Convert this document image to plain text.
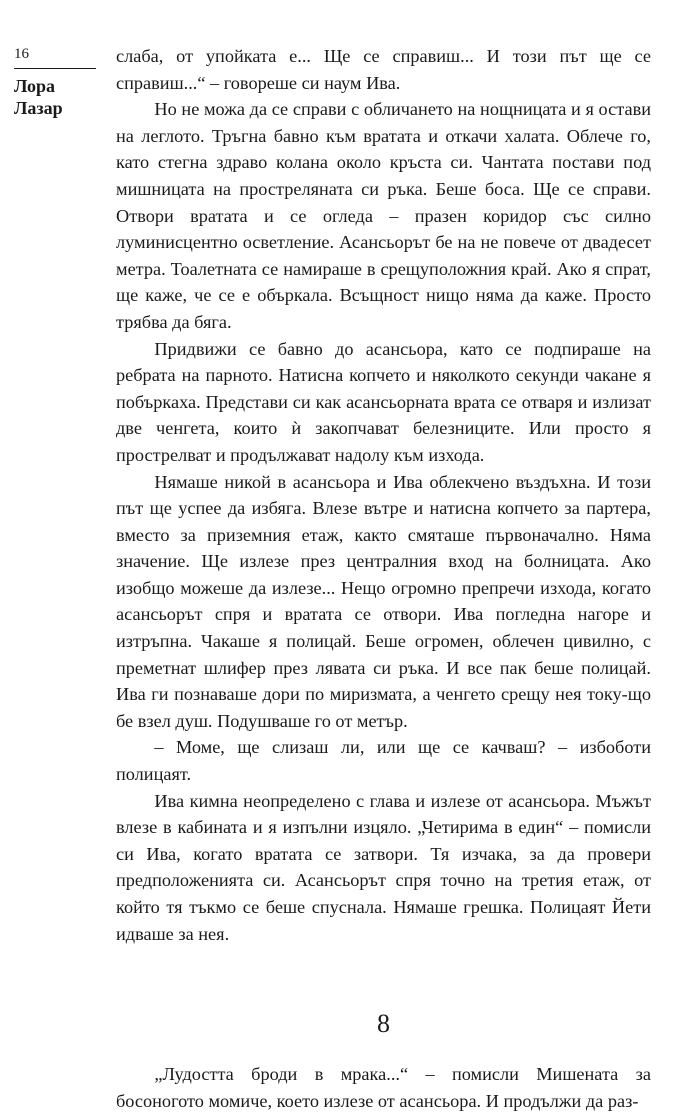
16
Лора
Лазар

слаба, от упойката е... Ще се справиш... И този път ще се справиш...“ – говореше си наум Ива.

Но не можа да се справи с обличането на нощницата и я остави на леглото. Тръгна бавно към вратата и откачи халата. Облече го, като стегна здраво колана около кръста си. Чантата постави под мишницата на простреляната си ръка. Беше боса. Ще се справи. Отвори вратата и се огледа – празен коридор със силно луминисцентно осветление. Асансьорът бе на не повече от двадесет метра. Тоалетната се намираше в срещуположния край. Ако я спрат, ще каже, че се е объркала. Всъщност нищо няма да каже. Просто трябва да бяга.

Придвижи се бавно до асансьора, като се подпираше на ребрата на парното. Натисна копчето и няколкото секунди чакане я побъркаха. Представи си как асансьорната врата се отваря и излизат две ченгета, които ѝ закопчават белезниците. Или просто я прострелват и продължават надолу към изхода.

Нямаше никой в асансьора и Ива облекчено въздъхна. И този път ще успее да избяга. Влезе вътре и натисна копчето за партера, вместо за приземния етаж, както смяташе първоначално. Няма значение. Ще излезе през централния вход на болницата. Ако изобщо можеше да излезе... Нещо огромно препречи изхода, когато асансьорът спря и вратата се отвори. Ива погледна нагоре и изтръпна. Чакаше я полицай. Беше огромен, облечен цивилно, с преметнат шлифер през лявата си ръка. И все пак беше полицай. Ива ги познаваше дори по миризмата, а ченгето срещу нея току-що бе взел душ. Подушваше го от метър.

– Моме, ще слизаш ли, или ще се качваш? – избоботи полицаят.

Ива кимна неопределено с глава и излезе от асансьора. Мъжът влезе в кабината и я изпълни изцяло. „Четирима в един“ – помисли си Ива, когато вратата се затвори. Тя изчака, за да провери предположенията си. Асансьорът спря точно на третия етаж, от който тя тъкмо се беше спуснала. Нямаше грешка. Полицаят Йети идваше за нея.

8

„Лудостта броди в мрака...“ – помисли Мишената за босоногото момиче, което излезе от асансьора. И продължи да раз-
